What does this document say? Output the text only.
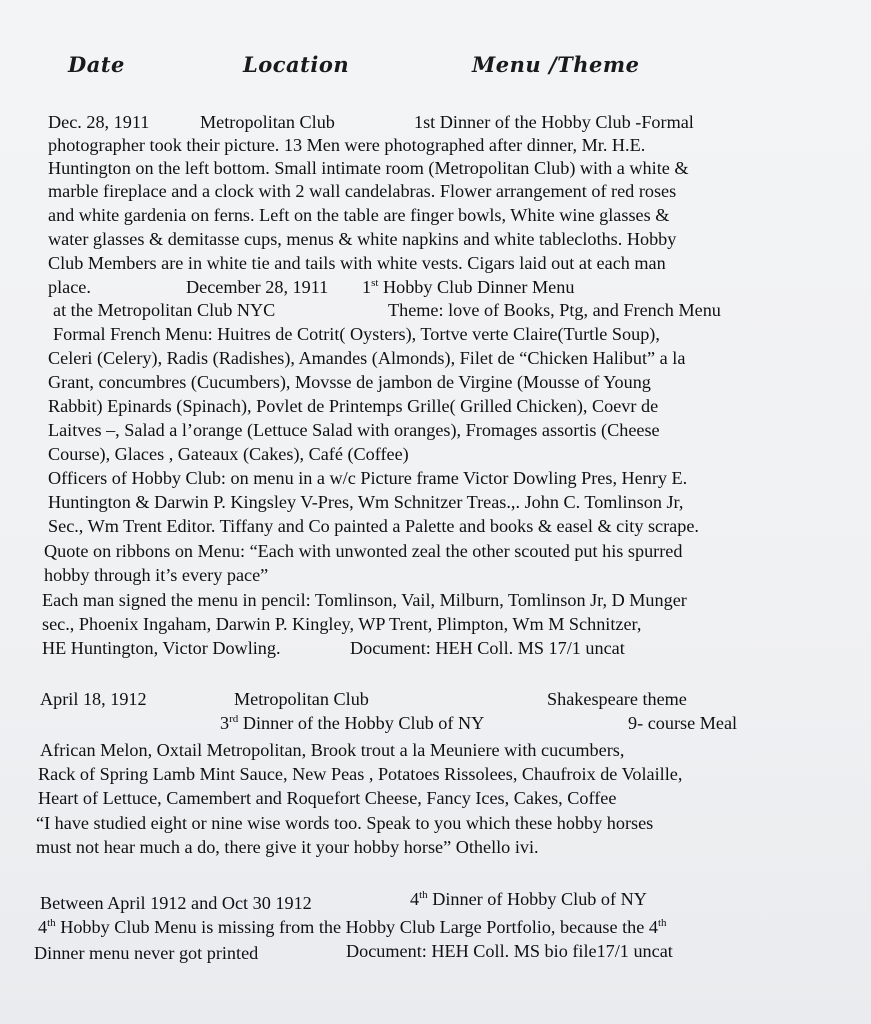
Date	Location	Menu /Theme
Dec. 28, 1911	Metropolitan Club	1st Dinner of the Hobby Club -Formal
photographer took their picture. 13 Men were photographed after dinner, Mr. H.E.
Huntington on the left bottom. Small intimate room (Metropolitan Club) with a white &
marble fireplace and a clock with 2 wall candelabras. Flower arrangement of red roses
and white gardenia on ferns. Left on the table are finger bowls, White wine glasses &
water glasses & demitasse cups, menus & white napkins and white tablecloths. Hobby
Club Members are in white tie and tails with white vests. Cigars laid out at each man
place.	December 28, 1911 1st Hobby Club Dinner Menu
at the Metropolitan Club NYC	Theme: love of Books, Ptg, and French Menu
Formal French Menu: Huitres de Cotrit( Oysters), Tortve verte Claire(Turtle Soup),
Celeri (Celery), Radis (Radishes), Amandes (Almonds), Filet de “Chicken Halibut” a la
Grant, concumbres (Cucumbers), Movsse de jambon de Virgine (Mousse of Young
Rabbit) Epinards (Spinach), Povlet de Printemps Grille( Grilled Chicken), Coevr de
Laitves –, Salad a l’orange (Lettuce Salad with oranges), Fromages assortis (Cheese
Course), Glaces , Gateaux (Cakes), Café (Coffee)
Officers of Hobby Club: on menu in a w/c Picture frame Victor Dowling Pres, Henry E.
Huntington & Darwin P. Kingsley V-Pres, Wm Schnitzer Treas.,. John C. Tomlinson Jr,
Sec., Wm Trent Editor. Tiffany and Co painted a Palette and books & easel & city scrape.
Quote on ribbons on Menu: “Each with unwonted zeal the other scouted put his spurred
hobby through it’s every pace”
Each man signed the menu in pencil: Tomlinson, Vail, Milburn, Tomlinson Jr, D Munger
sec., Phoenix Ingaham, Darwin P. Kingley, WP Trent, Plimpton, Wm M Schnitzer,
HE Huntington, Victor Dowling.	Document: HEH Coll. MS 17/1 uncat
April 18, 1912	Metropolitan Club	Shakespeare theme
3rd Dinner of the Hobby Club of NY	9- course Meal
African Melon, Oxtail Metropolitan, Brook trout a la Meuniere with cucumbers,
Rack of Spring Lamb Mint Sauce, New Peas , Potatoes Rissolees, Chaufroix de Volaille,
Heart of Lettuce, Camembert and Roquefort Cheese, Fancy Ices, Cakes, Coffee
“I have studied eight or nine wise words too. Speak to you which these hobby horses
must not hear much a do, there give it your hobby horse” Othello ivi.
Between April 1912 and Oct 30 1912	4th Dinner of Hobby Club of NY
4th Hobby Club Menu is missing from the Hobby Club Large Portfolio, because the 4th
Dinner menu never got printed	Document: HEH Coll. MS bio file17/1 uncat
